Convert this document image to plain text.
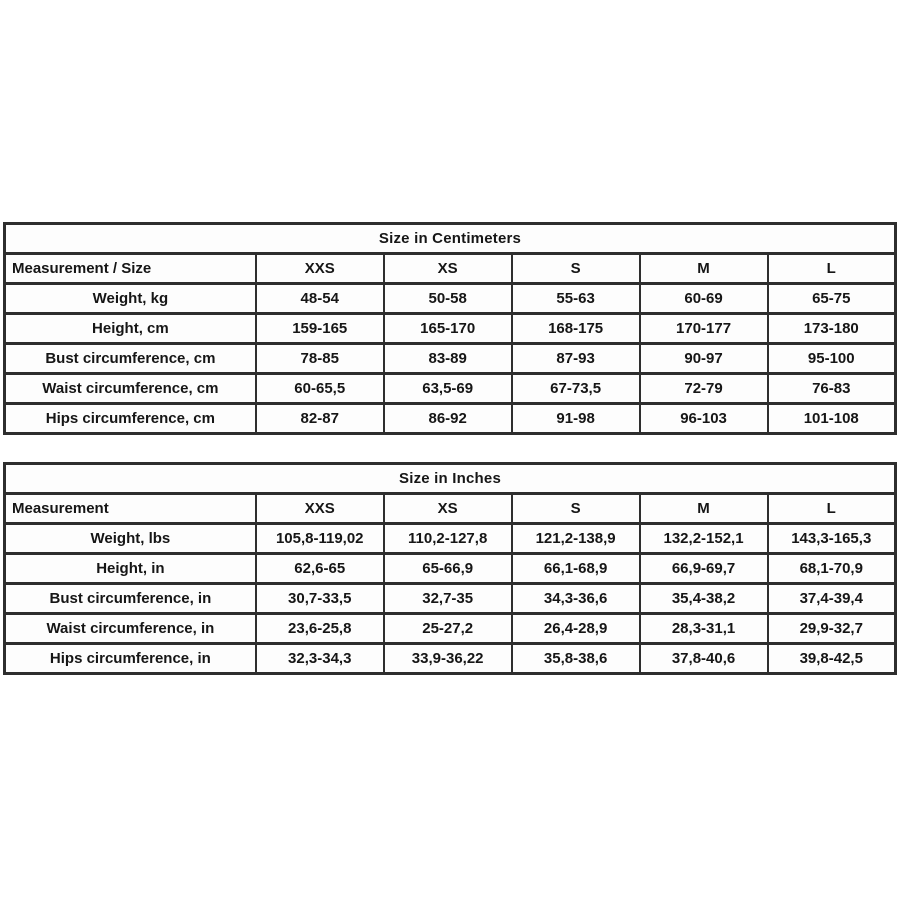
Size in Centimeters					
Measurement / Size	XXS	XS	S	M	L
Weight, kg	48-54	50-58	55-63	60-69	65-75
Height, cm	159-165	165-170	168-175	170-177	173-180
Bust circumference, cm	78-85	83-89	87-93	90-97	95-100
Waist circumference, cm	60-65,5	63,5-69	67-73,5	72-79	76-83
Hips circumference, cm	82-87	86-92	91-98	96-103	101-108
Size in Inches					
Measurement	XXS	XS	S	M	L
Weight, lbs	105,8-119,02	110,2-127,8	121,2-138,9	132,2-152,1	143,3-165,3
Height, in	62,6-65	65-66,9	66,1-68,9	66,9-69,7	68,1-70,9
Bust circumference, in	30,7-33,5	32,7-35	34,3-36,6	35,4-38,2	37,4-39,4
Waist circumference, in	23,6-25,8	25-27,2	26,4-28,9	28,3-31,1	29,9-32,7
Hips circumference, in	32,3-34,3	33,9-36,22	35,8-38,6	37,8-40,6	39,8-42,5
